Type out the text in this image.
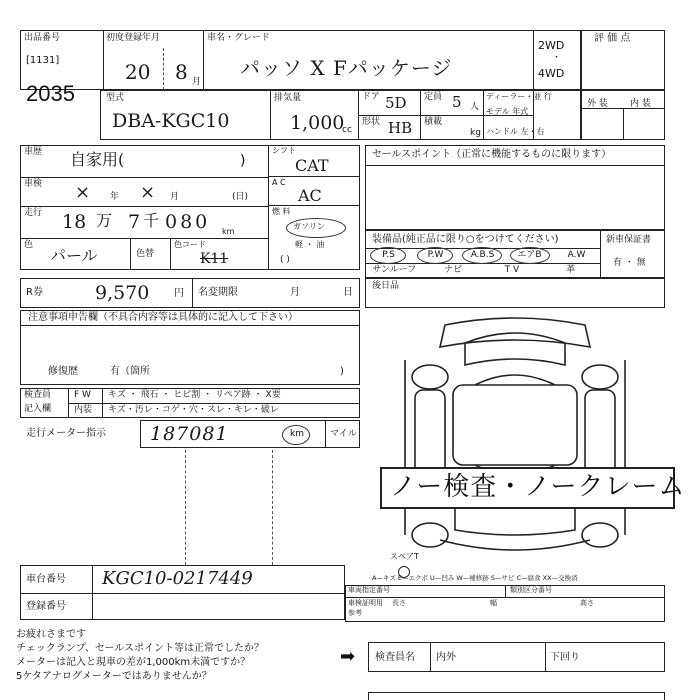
出品番号
[1131]
2035
初度登録年月
20 8 月
車名・グレード
パッソ X Fパッケージ
2WD
・
4WD
評 価 点
型式
DBA-KGC10
排気量
1,000
cc
ドア 5D 定員 5 人
ディーラー・並 行
モデル 年式
形状 HB 積載
kg ハンドル 左・右
外 装 内 装
車歴 自家用(	)
車検 × 年 × 月	(日)
走行 18 万 7 千 080 km
色
パール	色替
色コード
K11
シフト
CAT
A C
AC
燃 料
ガソリン
軽 ・ 油
( )
セールスポイント（正常に機能するものに限ります）
装備品(純正品に限り○をつけてください)	新車保証書
有 ・ 無
P.S	P.W	A.B.S	エアB	A.W
サンルーフ	ナビ	T V	革
R券	9,570 円 名変期限	月	日
後日品
注意事項申告欄（不具合内容等は具体的に記入して下さい）
修復歴	有（箇所	)
検査員
記入欄
F W キズ ・ 飛石 ・ ヒビ割 ・ リペア跡 ・ X要
内装 キズ・汚レ・コゲ・穴・スレ・キレ・破レ
走行メーター指示 187081	km	マイル
スペアT
ノー検査・ノークレーム
A—キズ E—エクボ U—凹み W—補修跡 S—サビ C—腐食 XX—交換済
車台番号 KGC10-0217449
登録番号
車両指定番号	類別区分番号
車検証明用
参考
長さ	幅	高さ
お疲れさまです
チェックランプ、セールスポイント等は正常でしたか？
メーターは記入と現車の差が1,000km未満ですか？
5ケタアナログメーターではありませんか？
➡ 検査員名 内外	下回り
